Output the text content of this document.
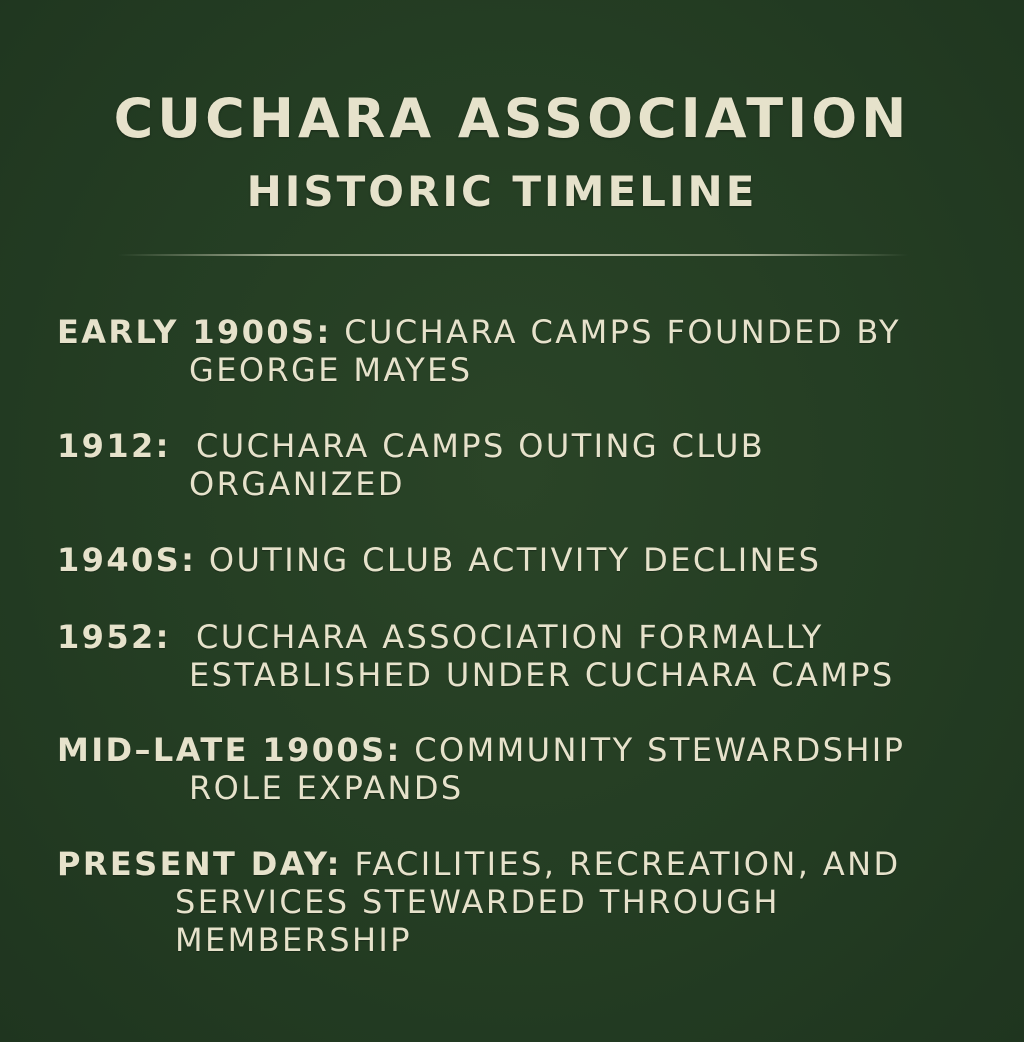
CUCHARA ASSOCIATION
HISTORIC TIMELINE
EARLY 1900S: CUCHARA CAMPS FOUNDED BY
GEORGE MAYES
1912:  CUCHARA CAMPS OUTING CLUB
ORGANIZED
1940S: OUTING CLUB ACTIVITY DECLINES
1952:  CUCHARA ASSOCIATION FORMALLY
ESTABLISHED UNDER CUCHARA CAMPS
MID–LATE 1900S: COMMUNITY STEWARDSHIP
ROLE EXPANDS
PRESENT DAY: FACILITIES, RECREATION, AND
SERVICES STEWARDED THROUGH
MEMBERSHIP
